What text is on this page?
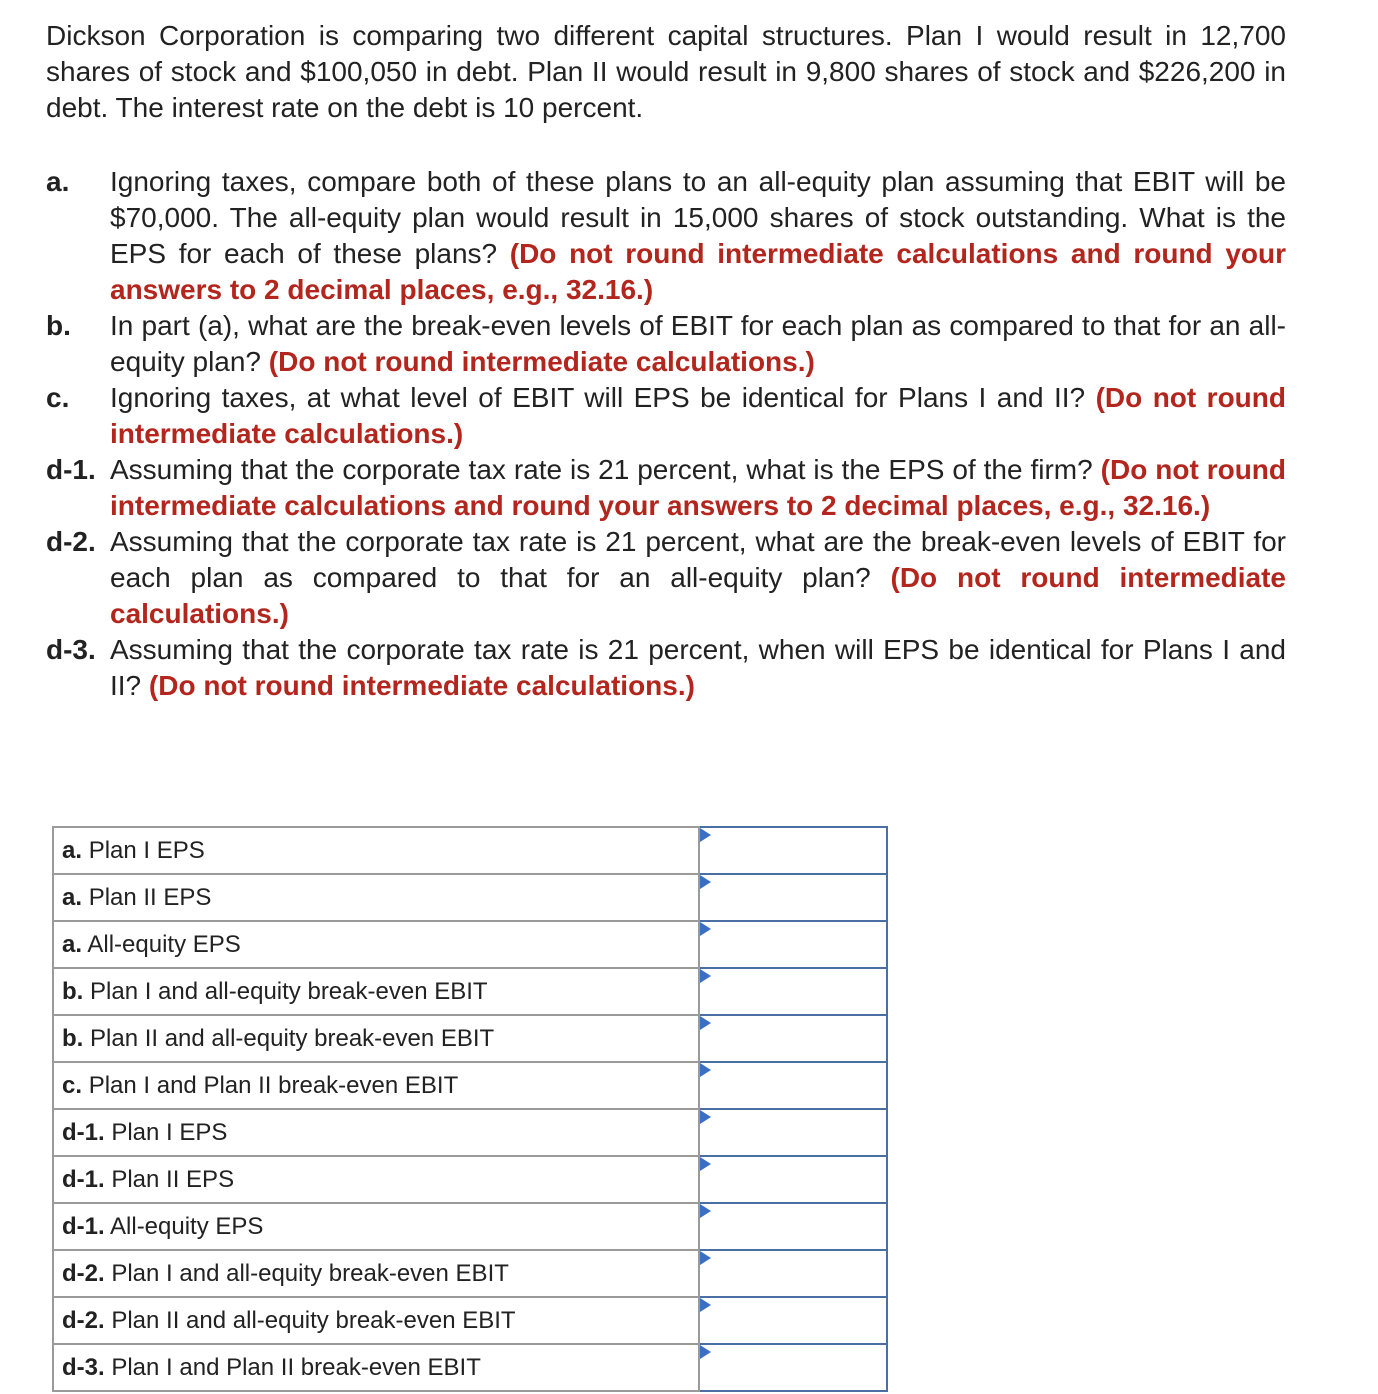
Dickson Corporation is comparing two different capital structures. Plan I would result in 12,700 shares of stock and $100,050 in debt. Plan II would result in 9,800 shares of stock and $226,200 in debt. The interest rate on the debt is 10 percent.

a. Ignoring taxes, compare both of these plans to an all-equity plan assuming that EBIT will be $70,000. The all-equity plan would result in 15,000 shares of stock outstanding. What is the EPS for each of these plans? (Do not round intermediate calculations and round your answers to 2 decimal places, e.g., 32.16.)

b. In part (a), what are the break-even levels of EBIT for each plan as compared to that for an all-equity plan? (Do not round intermediate calculations.)

c. Ignoring taxes, at what level of EBIT will EPS be identical for Plans I and II? (Do not round intermediate calculations.)

d-1. Assuming that the corporate tax rate is 21 percent, what is the EPS of the firm? (Do not round intermediate calculations and round your answers to 2 decimal places, e.g., 32.16.)

d-2. Assuming that the corporate tax rate is 21 percent, what are the break-even levels of EBIT for each plan as compared to that for an all-equity plan? (Do not round intermediate calculations.)

d-3. Assuming that the corporate tax rate is 21 percent, when will EPS be identical for Plans I and II? (Do not round intermediate calculations.)

a. Plan I EPS	

a. Plan II EPS	

a. All-equity EPS	

b. Plan I and all-equity break-even EBIT	

b. Plan II and all-equity break-even EBIT	

c. Plan I and Plan II break-even EBIT	

d-1. Plan I EPS	

d-1. Plan II EPS	

d-1. All-equity EPS	

d-2. Plan I and all-equity break-even EBIT	

d-2. Plan II and all-equity break-even EBIT	

d-3. Plan I and Plan II break-even EBIT	
